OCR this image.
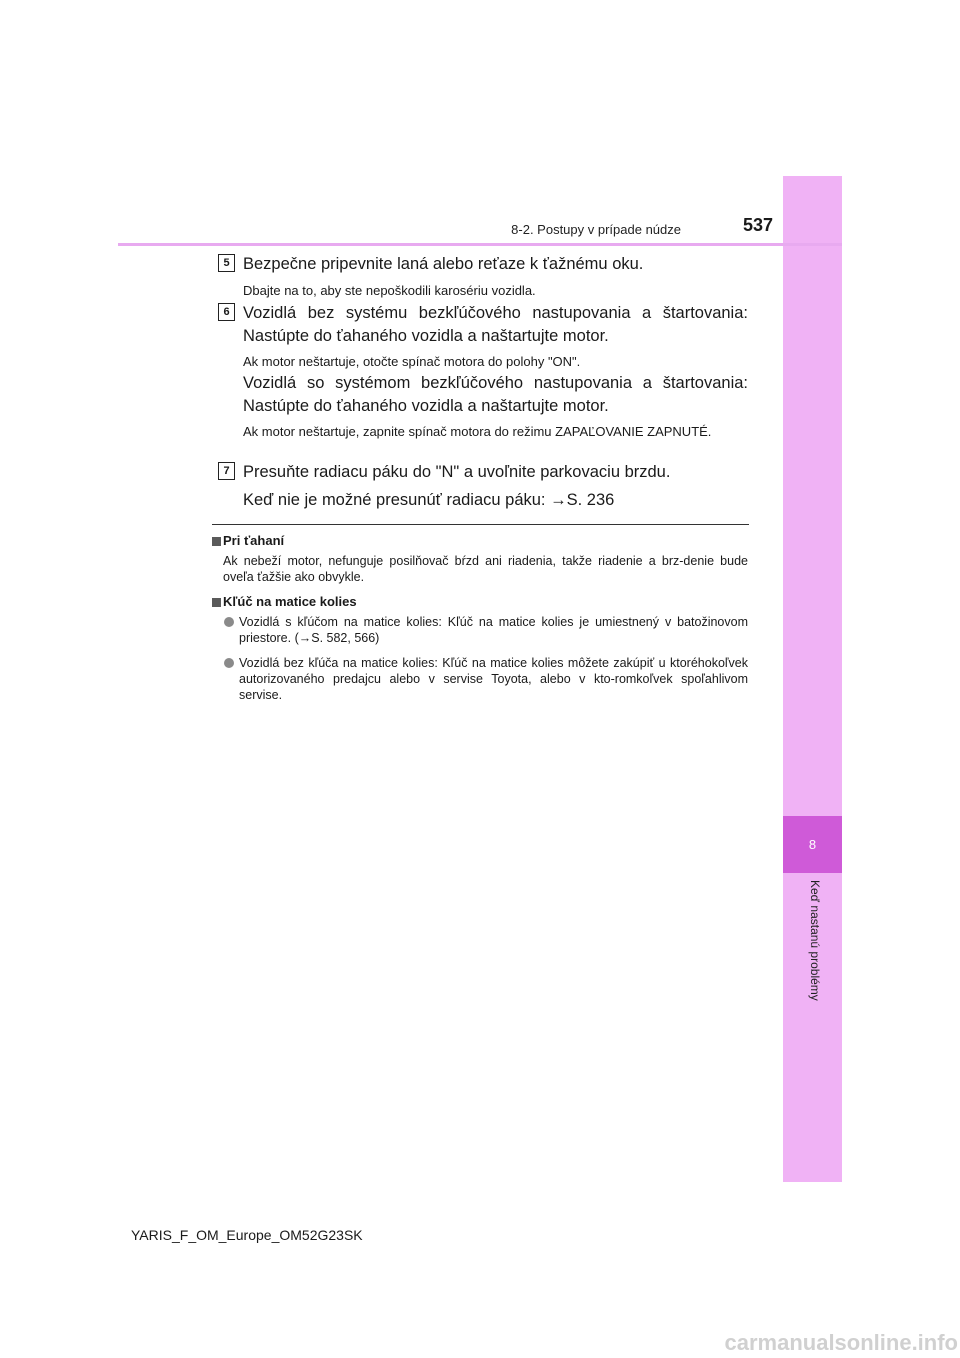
8
Keď nastanú problémy
8-2. Postupy v prípade núdze	537
5 Bezpečne pripevnite laná alebo reťaze k ťažnému oku.
Dbajte na to, aby ste nepoškodili karosériu vozidla.
6 Vozidlá bez systému bezkľúčového nastupovania a štartovania: Nastúpte do ťahaného vozidla a naštartujte motor.
Ak motor neštartuje, otočte spínač motora do polohy "ON".
Vozidlá so systémom bezkľúčového nastupovania a štartovania: Nastúpte do ťahaného vozidla a naštartujte motor.
Ak motor neštartuje, zapnite spínač motora do režimu ZAPAĽOVANIE ZAPNUTÉ.
7 Presuňte radiacu páku do "N" a uvoľnite parkovaciu brzdu.
Keď nie je možné presunúť radiacu páku: →S. 236
Pri ťahaní
Ak nebeží motor, nefunguje posilňovač bŕzd ani riadenia, takže riadenie a brz-denie bude oveľa ťažšie ako obvykle.
Kľúč na matice kolies
Vozidlá s kľúčom na matice kolies: Kľúč na matice kolies je umiestnený v batožinovom priestore. (→S. 582, 566)
Vozidlá bez kľúča na matice kolies: Kľúč na matice kolies môžete zakúpiť u ktoréhokoľvek autorizovaného predajcu alebo v servise Toyota, alebo v kto-romkoľvek spoľahlivom servise.
YARIS_F_OM_Europe_OM52G23SK
carmanualsonline.info
